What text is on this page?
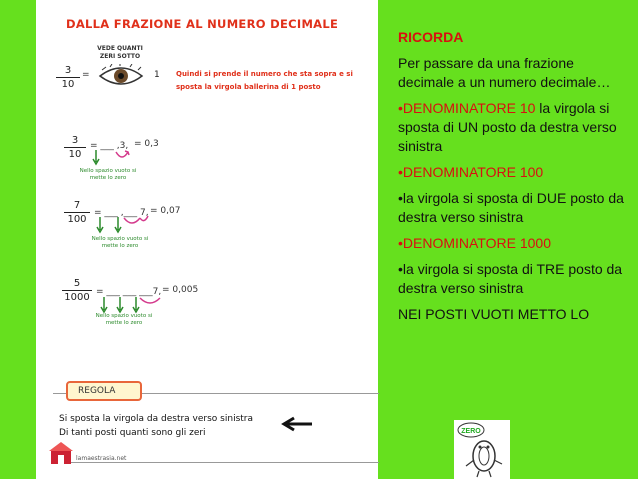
DALLA FRAZIONE AL NUMERO DECIMALE
VEDE QUANTI ZERI SOTTO
3
10
=	1 Quindi si prende il numero che sta sopra e si sposta la virgola ballerina di 1 posto
3
10
= ___ ,3, = 0,3
Nello spazio vuoto si mette lo zero
7
100
= ___ ,___ 7, = 0,07
Nello spazio vuoto si mette lo zero
5
1000 = ___ ___ ___7, = 0,005
Nello spazio vuoto si mette lo zero
REGOLA
Si sposta la virgola da destra verso sinistra
Di tanti posti quanti sono gli zeri
lamaestrasia.net

RICORDA

Per passare da una frazione decimale a un numero decimale…

•DENOMINATORE 10 la virgola si sposta di UN posto da destra verso sinistra

•DENOMINATORE 100

•la virgola si sposta di DUE posto da destra verso sinistra

•DENOMINATORE 1000

•la virgola si sposta di TRE posto da destra verso sinistra

NEI POSTI VUOTI METTO LO

ZERO
